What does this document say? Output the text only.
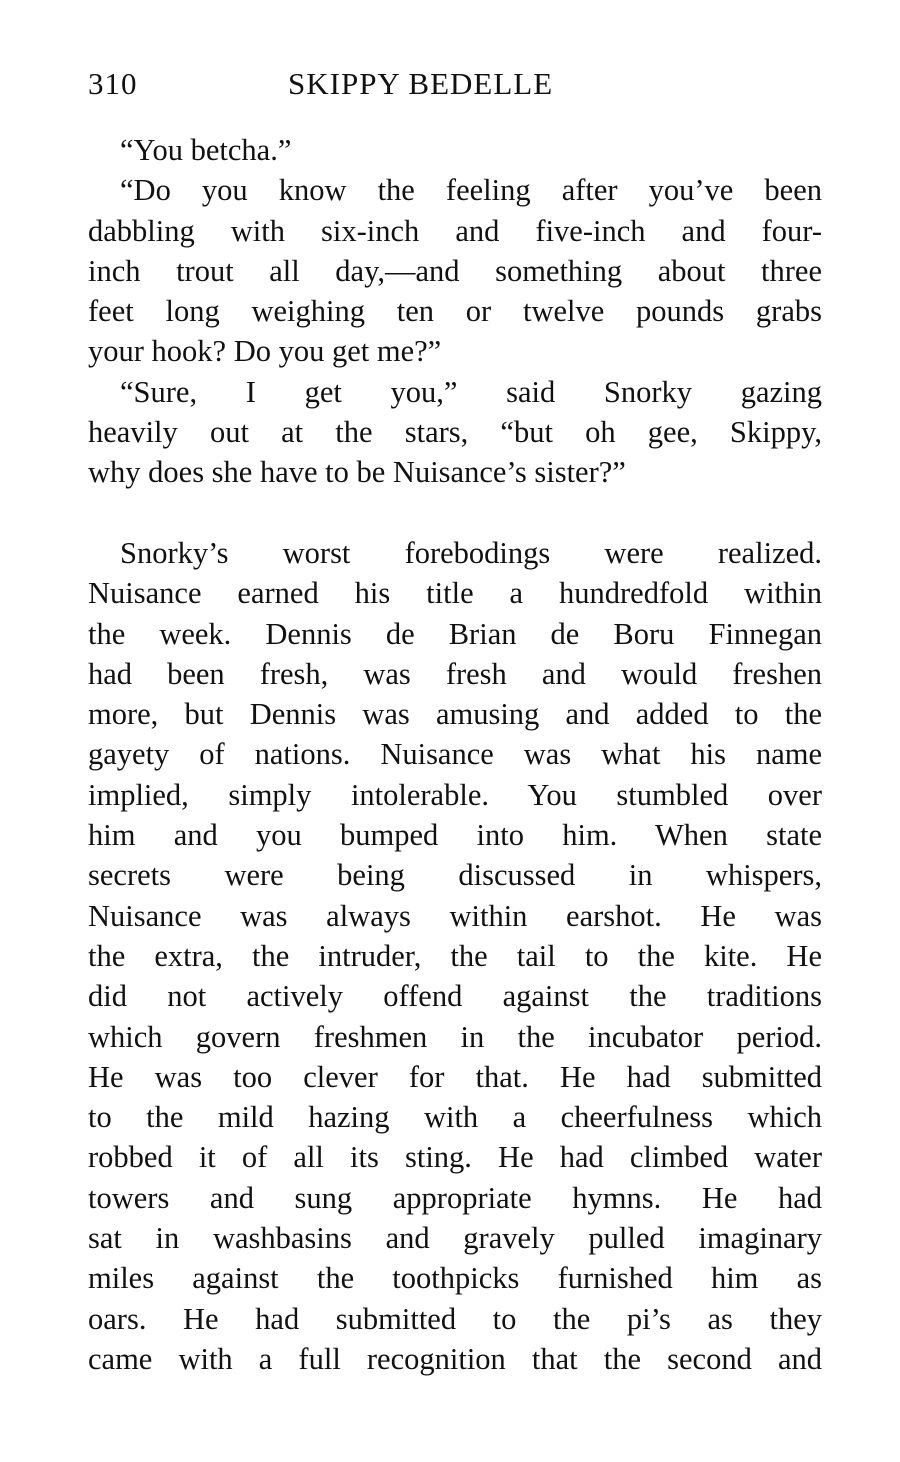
310	SKIPPY BEDELLE
“You betcha.”
“Do you know the feeling after you’ve been
dabbling with six-inch and five-inch and four-
inch trout all day,—and something about three
feet long weighing ten or twelve pounds grabs
your hook? Do you get me?”
“Sure, I get you,” said Snorky gazing
heavily out at the stars, “but oh gee, Skippy,
why does she have to be Nuisance’s sister?”
Snorky’s worst forebodings were realized.
Nuisance earned his title a hundredfold within
the week. Dennis de Brian de Boru Finnegan
had been fresh, was fresh and would freshen
more, but Dennis was amusing and added to the
gayety of nations. Nuisance was what his name
implied, simply intolerable. You stumbled over
him and you bumped into him. When state
secrets were being discussed in whispers,
Nuisance was always within earshot. He was
the extra, the intruder, the tail to the kite. He
did not actively offend against the traditions
which govern freshmen in the incubator period.
He was too clever for that. He had submitted
to the mild hazing with a cheerfulness which
robbed it of all its sting. He had climbed water
towers and sung appropriate hymns. He had
sat in washbasins and gravely pulled imaginary
miles against the toothpicks furnished him as
oars. He had submitted to the pi’s as they
came with a full recognition that the second and
